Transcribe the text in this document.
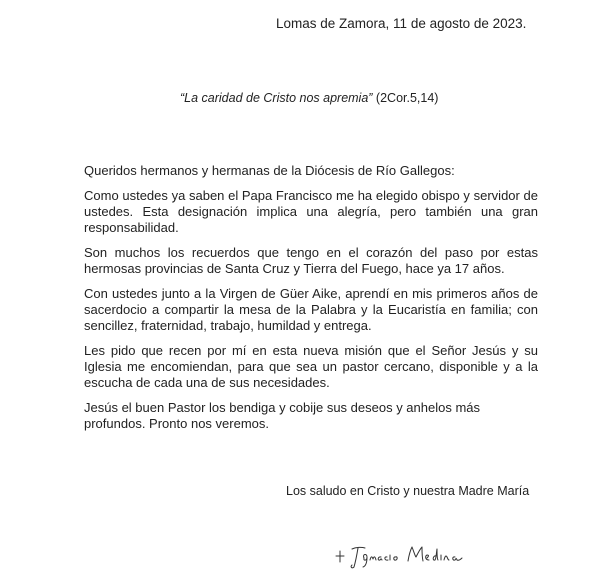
Lomas de Zamora, 11 de agosto de 2023.
“La caridad de Cristo nos apremia” (2Cor.5,14)

Queridos hermanos y hermanas de la Diócesis de Río Gallegos:

Como ustedes ya saben el Papa Francisco me ha elegido obispo y servidor de ustedes. Esta designación implica una alegría, pero también una gran responsabilidad.

Son muchos los recuerdos que tengo en el corazón del paso por estas hermosas provincias de Santa Cruz y Tierra del Fuego, hace ya 17 años.

Con ustedes junto a la Virgen de Güer Aike, aprendí en mis primeros años de sacerdocio a compartir la mesa de la Palabra y la Eucaristía en familia; con sencillez, fraternidad, trabajo, humildad y entrega.

Les pido que recen por mí en esta nueva misión que el Señor Jesús y su Iglesia me encomiendan, para que sea un pastor cercano, disponible y a la escucha de cada una de sus necesidades.

Jesús el buen Pastor los bendiga y cobije sus deseos y anhelos más profundos. Pronto nos veremos.

Los saludo en Cristo y nuestra Madre María
